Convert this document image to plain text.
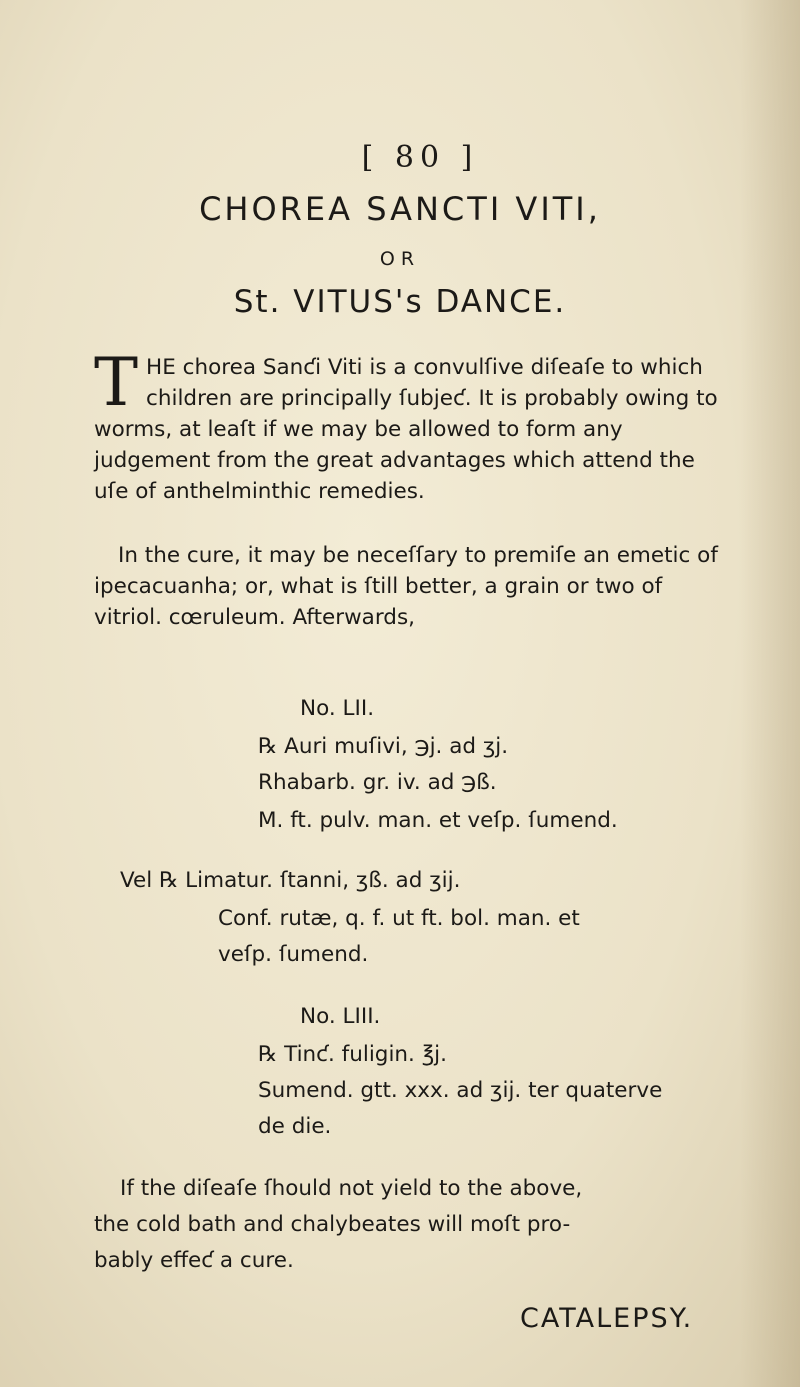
[ 80 ]
CHOREA SANCTI VITI,
OR
St. VITUS's DANCE.
THE chorea Sanƈi Viti is a convulſive diſeaſe to which children are principally ſubjeƈ. It is probably owing to worms, at leaſt if we may be allowed to form any judgement from the great advantages which attend the uſe of anthelminthic remedies.
In the cure, it may be neceſſary to premiſe an emetic of ipecacuanha; or, what is ſtill better, a grain or two of vitriol. cœruleum. Afterwards,
No. LII.
℞ Auri muſivi, ℈j. ad ʒj.
Rhabarb. gr. iv. ad ℈ß.
M. ft. pulv. man. et veſp. ſumend.
Vel ℞ Limatur. ſtanni, ʒß. ad ʒij.
Conf. rutæ, q. f. ut ft. bol. man. et
veſp. ſumend.
No. LIII.
℞ Tinƈ. fuligin. ℥j.
Sumend. gtt. xxx. ad ʒij. ter quaterve
de die.
If the diſeaſe ſhould not yield to the above,
the cold bath and chalybeates will moſt pro-
bably effeƈ a cure.
CATALEPSY.
